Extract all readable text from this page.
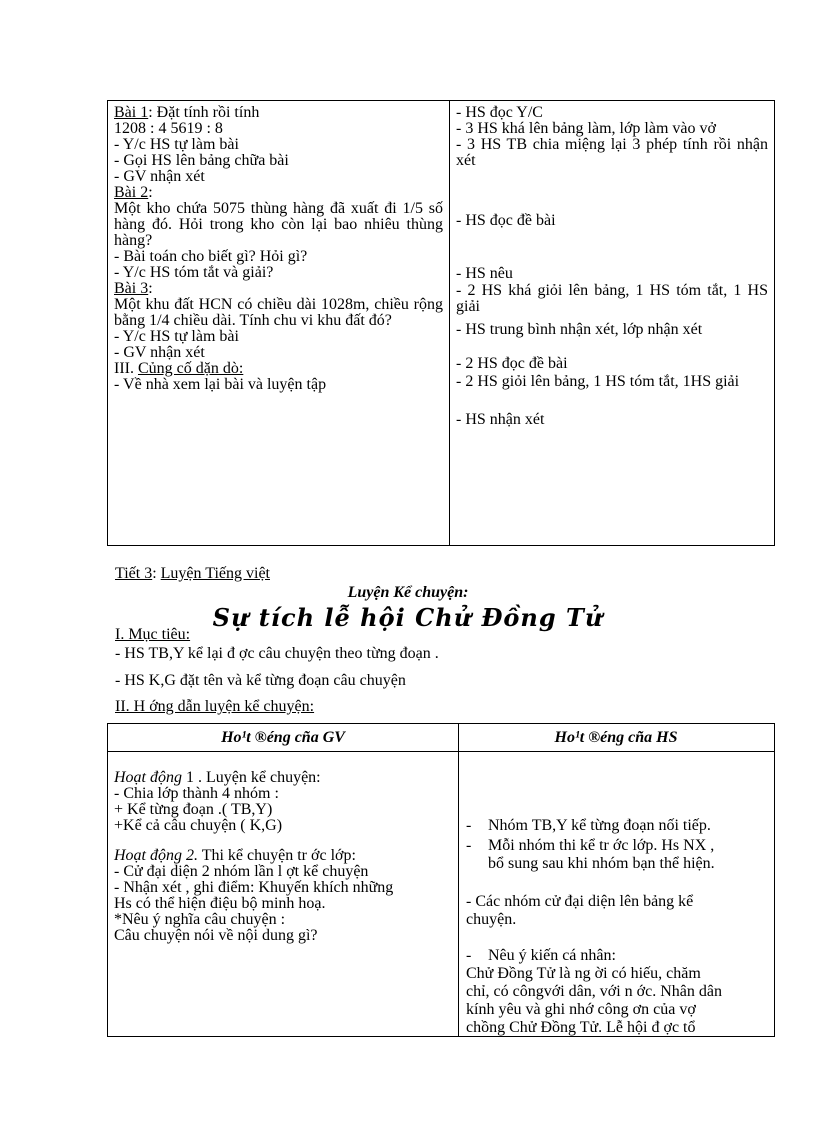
Bài 1: Đặt tính rồi tính
1208 : 4 5619 : 8
- Y/c HS tự làm bài
- Gọi HS lên bảng chữa bài
- GV nhận xét
Bài 2:
Một kho chứa 5075 thùng hàng đã xuất đi 1/5 số hàng đó. Hỏi trong kho còn lại bao nhiêu thùng hàng?
- Bài toán cho biết gì? Hỏi gì?
- Y/c HS tóm tắt và giải?
Bài 3:
Một khu đất HCN có chiều dài 1028m, chiều rộng bằng 1/4 chiều dài. Tính chu vi khu đất đó?
- Y/c HS tự làm bài
- GV nhận xét
III. Củng cố dặn dò:
- Về nhà xem lại bài và luyện tập
- HS đọc Y/C
- 3 HS khá lên bảng làm, lớp làm vào vở
- 3 HS TB chia miệng lại 3 phép tính rồi nhận xét
- HS đọc đề bài
- HS nêu
- 2 HS khá giỏi lên bảng, 1 HS tóm tắt, 1 HS giải
- HS trung bình nhận xét, lớp nhận xét
- 2 HS đọc đề bài
- 2 HS giỏi lên bảng, 1 HS tóm tắt, 1HS giải
- HS nhận xét
Tiết 3: Luyện Tiếng việt
Luyện Kể chuyện:
Sự tích lễ hội Chử Đồng Tử
I. Mục tiêu:
- HS TB,Y kể lại đ ợc câu chuyện theo từng đoạn .
- HS K,G đặt tên và kể từng đoạn câu chuyện
II. H ớng dẫn luyện kể chuyện:
Ho¹t ®éng cña GV	Ho¹t ®éng cña HS
Hoạt động 1 . Luyện kể chuyện:
- Chia lớp thành 4 nhóm :
+ Kể từng đoạn .( TB,Y)
+Kể cả câu chuyện ( K,G)
Hoạt động 2. Thi kể chuyện tr ớc lớp:
- Cử đại diện 2 nhóm lần l ợt kể chuyện
- Nhận xét , ghi điểm: Khuyến khích những
Hs có thể hiện điệu bộ minh hoạ.
*Nêu ý nghĩa câu chuyện :
Câu chuyện nói về nội dung gì?
- Nhóm TB,Y kể từng đoạn nối tiếp.
- Mỗi nhóm thi kể tr ớc lớp. Hs NX ,
bổ sung sau khi nhóm bạn thể hiện.
- Các nhóm cử đại diện lên bảng kể
chuyện.
- Nêu ý kiến cá nhân:
Chử Đồng Tử là ng ời có hiếu, chăm
chỉ, có côngvới dân, với n ớc. Nhân dân
kính yêu và ghi nhớ công ơn của vợ
chồng Chử Đồng Tử. Lễ hội đ ợc tổ
